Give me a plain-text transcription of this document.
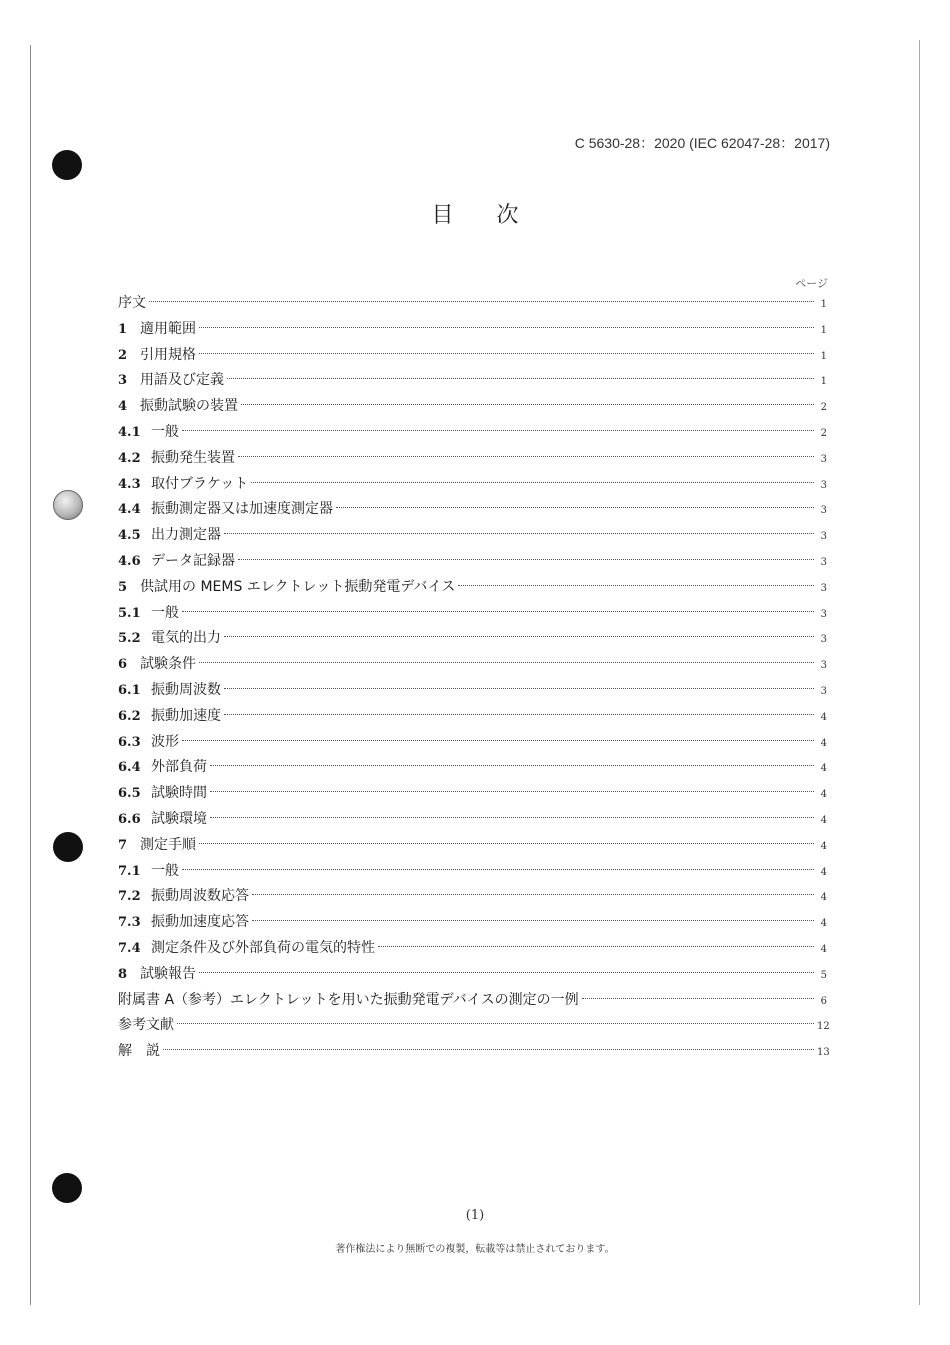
C 5630-28：2020 (IEC 62047-28：2017)
目 次
ページ
序文	1
1 適用範囲	1
2 引用規格	1
3 用語及び定義	1
4 振動試験の装置	2
4.1 一般	2
4.2 振動発生装置	3
4.3 取付ブラケット	3
4.4 振動測定器又は加速度測定器	3
4.5 出力測定器	3
4.6 データ記録器	3
5 供試用の MEMS エレクトレット振動発電デバイス	3
5.1 一般	3
5.2 電気的出力	3
6 試験条件	3
6.1 振動周波数	3
6.2 振動加速度	4
6.3 波形	4
6.4 外部負荷	4
6.5 試験時間	4
6.6 試験環境	4
7 測定手順	4
7.1 一般	4
7.2 振動周波数応答	4
7.3 振動加速度応答	4
7.4 測定条件及び外部負荷の電気的特性	4
8 試験報告	5
附属書 A（参考）エレクトレットを用いた振動発電デバイスの測定の一例	6
参考文献	12
解　説	13
(1)
著作権法により無断での複製，転載等は禁止されております。
